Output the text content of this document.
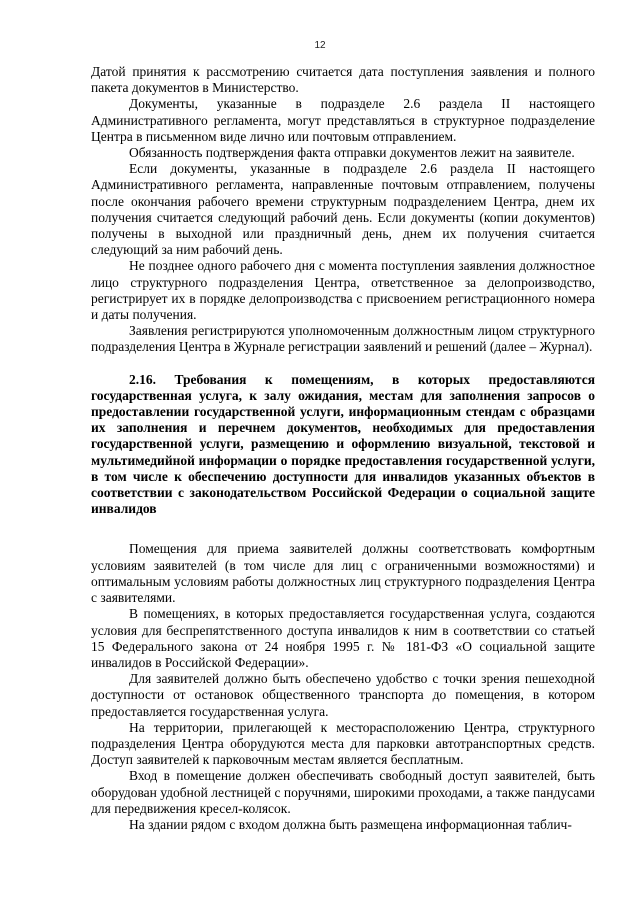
12

Датой принятия к рассмотрению считается дата поступления заявления и полного пакета документов в Министерство.

Документы, указанные в подразделе 2.6 раздела II настоящего Административного регламента, могут представляться в структурное подразделение Центра в письменном виде лично или почтовым отправлением.

Обязанность подтверждения факта отправки документов лежит на заявителе.

Если документы, указанные в подразделе 2.6 раздела II настоящего Административного регламента, направленные почтовым отправлением, получены после окончания рабочего времени структурным подразделением Центра, днем их получения считается следующий рабочий день. Если документы (копии документов) получены в выходной или праздничный день, днем их получения считается следующий за ним рабочий день.

Не позднее одного рабочего дня с момента поступления заявления должностное лицо структурного подразделения Центра, ответственное за делопроизводство, регистрирует их в порядке делопроизводства с присвоением регистрационного номера и даты получения.

Заявления регистрируются уполномоченным должностным лицом структурного подразделения Центра в Журнале регистрации заявлений и решений (далее – Журнал).

2.16. Требования к помещениям, в которых предоставляются государственная услуга, к залу ожидания, местам для заполнения запросов о предоставлении государственной услуги, информационным стендам с образцами их заполнения и перечнем документов, необходимых для предоставления государственной услуги, размещению и оформлению визуальной, текстовой и мультимедийной информации о порядке предоставления государственной услуги, в том числе к обеспечению доступности для инвалидов указанных объектов в соответствии с законодательством Российской Федерации о социальной защите инвалидов

Помещения для приема заявителей должны соответствовать комфортным условиям заявителей (в том числе для лиц с ограниченными возможностями) и оптимальным условиям работы должностных лиц структурного подразделения Центра с заявителями.

В помещениях, в которых предоставляется государственная услуга, создаются условия для беспрепятственного доступа инвалидов к ним в соответствии со статьей 15 Федерального закона от 24 ноября 1995 г. № 181-ФЗ «О социальной защите инвалидов в Российской Федерации».

Для заявителей должно быть обеспечено удобство с точки зрения пешеходной доступности от остановок общественного транспорта до помещения, в котором предоставляется государственная услуга.

На территории, прилегающей к месторасположению Центра, структурного подразделения Центра оборудуются места для парковки автотранспортных средств. Доступ заявителей к парковочным местам является бесплатным.

Вход в помещение должен обеспечивать свободный доступ заявителей, быть оборудован удобной лестницей с поручнями, широкими проходами, а также пандусами для передвижения кресел-колясок.

На здании рядом с входом должна быть размещена информационная таблич-
